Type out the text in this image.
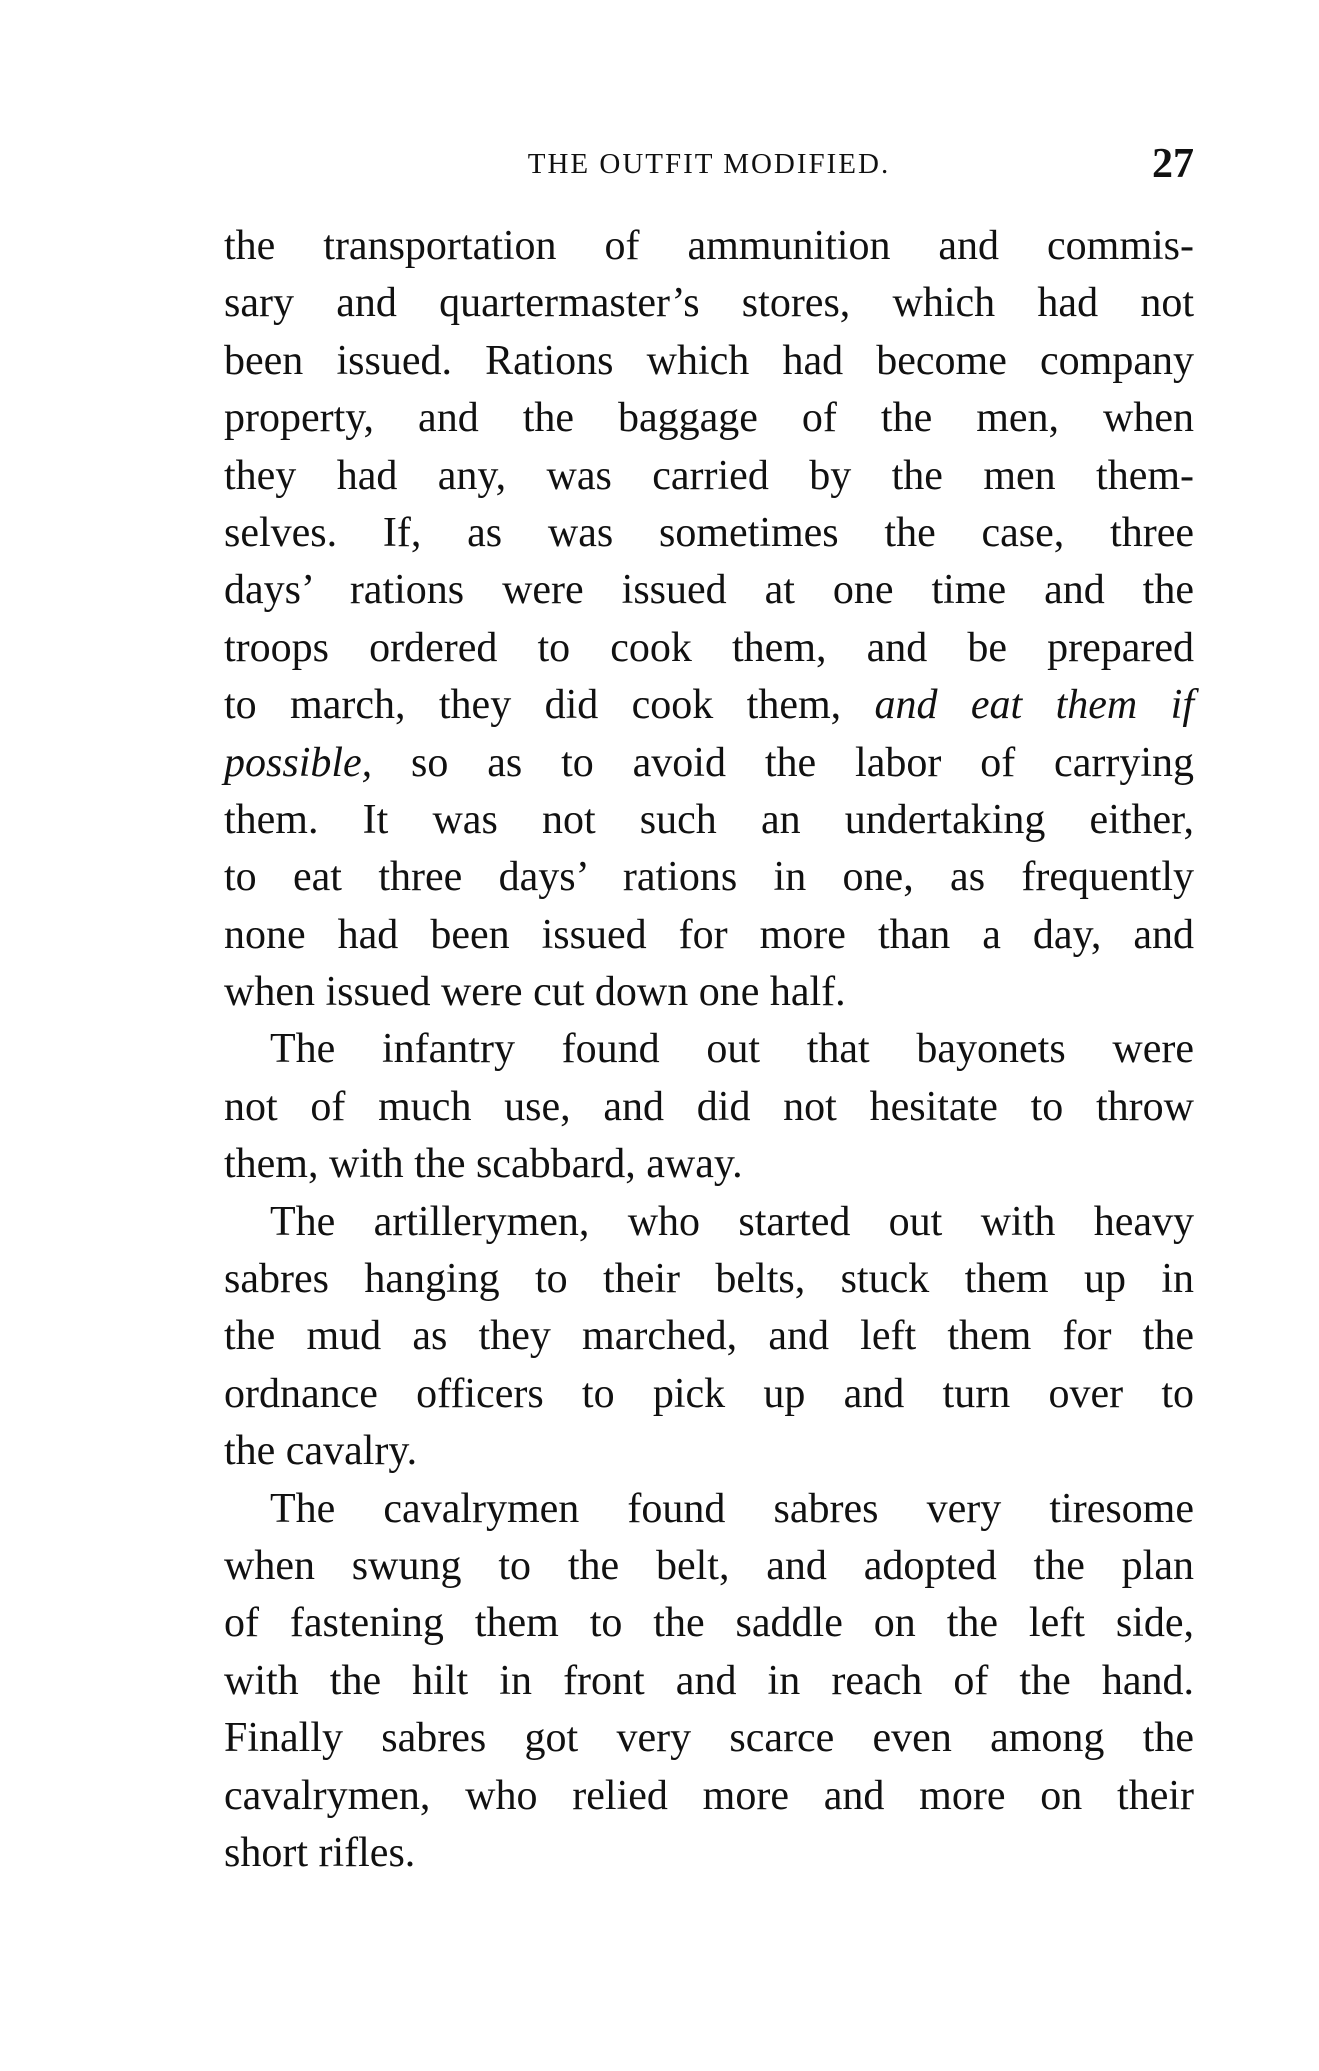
THE OUTFIT MODIFIED.	27
the transportation of ammunition and commis-
sary and quartermaster’s stores, which had not
been issued. Rations which had become company
property, and the baggage of the men, when
they had any, was carried by the men them-
selves. If, as was sometimes the case, three
days’ rations were issued at one time and the
troops ordered to cook them, and be prepared
to march, they did cook them, and eat them if
possible, so as to avoid the labor of carrying
them. It was not such an undertaking either,
to eat three days’ rations in one, as frequently
none had been issued for more than a day, and
when issued were cut down one half.
The infantry found out that bayonets were
not of much use, and did not hesitate to throw
them, with the scabbard, away.
The artillerymen, who started out with heavy
sabres hanging to their belts, stuck them up in
the mud as they marched, and left them for the
ordnance officers to pick up and turn over to
the cavalry.
The cavalrymen found sabres very tiresome
when swung to the belt, and adopted the plan
of fastening them to the saddle on the left side,
with the hilt in front and in reach of the hand.
Finally sabres got very scarce even among the
cavalrymen, who relied more and more on their
short rifles.
